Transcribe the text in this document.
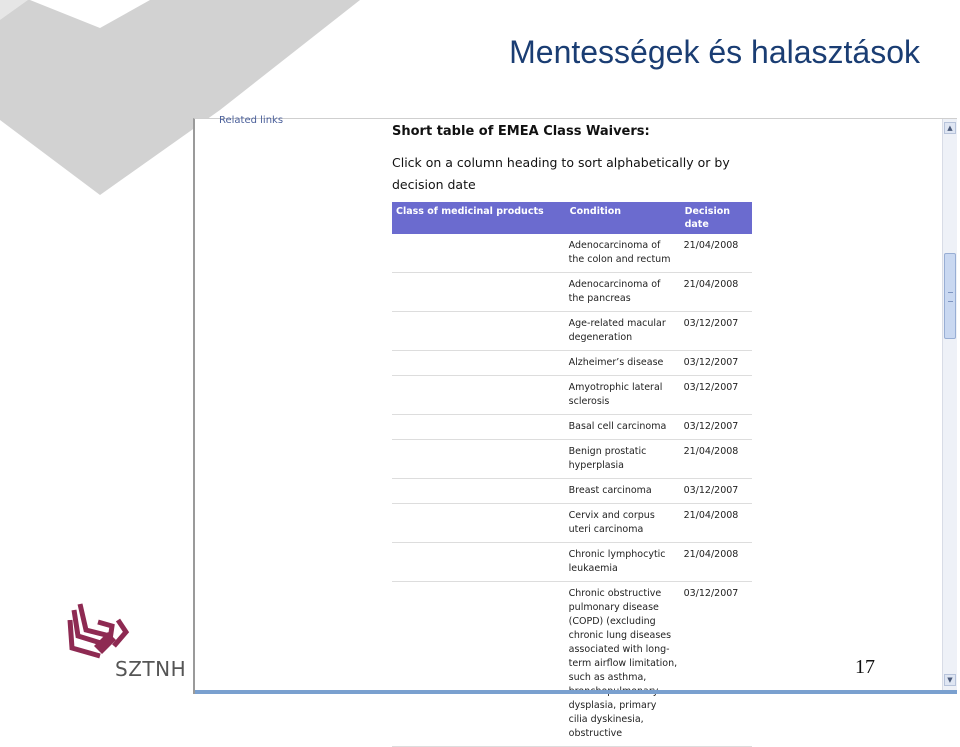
Mentességek és halasztások
Related links

Short table of EMEA Class Waivers:

Click on a column heading to sort alphabetically or by decision date

Class of medicinal products	Condition	Decision date
	Adenocarcinoma of the colon and rectum	21/04/2008
	Adenocarcinoma of the pancreas	21/04/2008
	Age-related macular degeneration	03/12/2007
	Alzheimer’s disease	03/12/2007
	Amyotrophic lateral sclerosis	03/12/2007
	Basal cell carcinoma	03/12/2007
	Benign prostatic hyperplasia	21/04/2008
	Breast carcinoma	03/12/2007
	Cervix and corpus uteri carcinoma	21/04/2008
	Chronic lymphocytic leukaemia	21/04/2008
	Chronic obstructive pulmonary disease (COPD) (excluding chronic lung diseases associated with long-term airflow limitation, such as asthma, dysplasia, primary cilia dyskinesia, obstructive	03/12/2007
▲
▼
SZTNH	17
